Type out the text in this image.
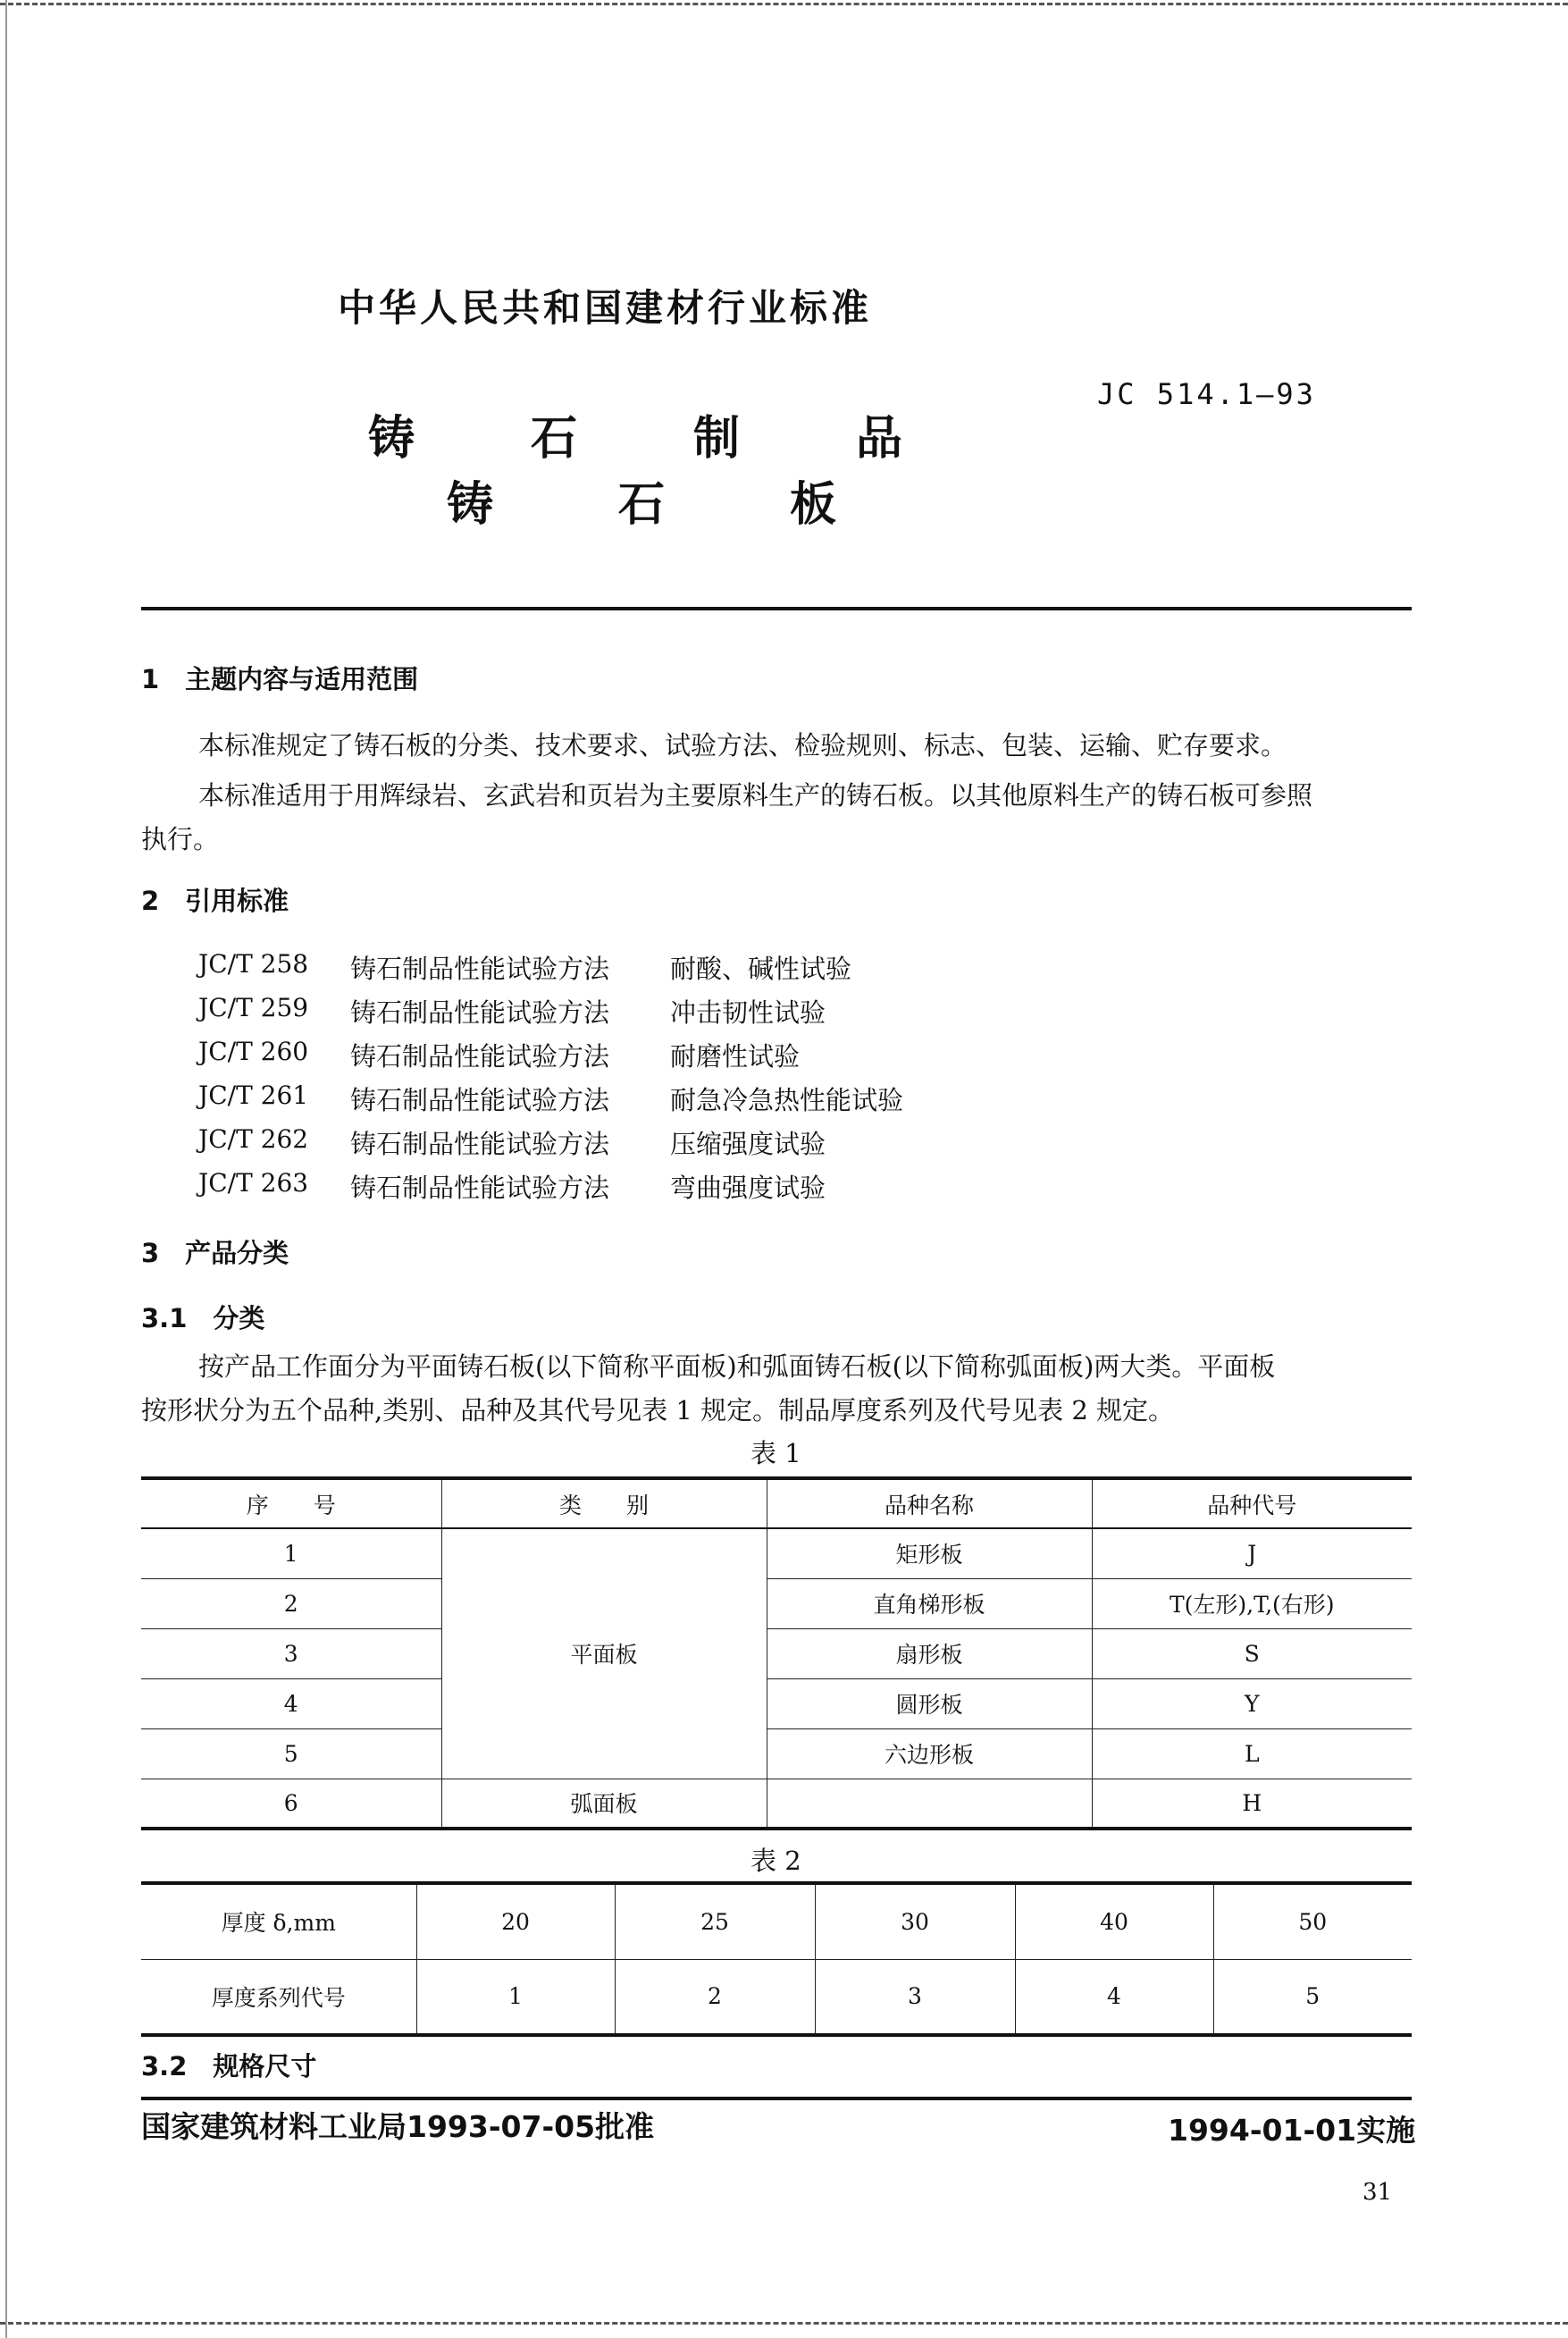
中华人民共和国建材行业标准
JC 514.1—93
铸石制品
铸石板
1　主题内容与适用范围
本标准规定了铸石板的分类、技术要求、试验方法、检验规则、标志、包装、运输、贮存要求。
本标准适用于用辉绿岩、玄武岩和页岩为主要原料生产的铸石板。以其他原料生产的铸石板可参照
执行。
2　引用标准
JC/T 258 铸石制品性能试验方法 耐酸、碱性试验
JC/T 259 铸石制品性能试验方法 冲击韧性试验
JC/T 260 铸石制品性能试验方法 耐磨性试验
JC/T 261 铸石制品性能试验方法 耐急冷急热性能试验
JC/T 262 铸石制品性能试验方法 压缩强度试验
JC/T 263 铸石制品性能试验方法 弯曲强度试验
3　产品分类
3.1　分类
按产品工作面分为平面铸石板(以下简称平面板)和弧面铸石板(以下简称弧面板)两大类。平面板
按形状分为五个品种,类别、品种及其代号见表 1 规定。制品厚度系列及代号见表 2 规定。
表 1
序　　号	类　　别	品种名称	品种代号
1	平面板	矩形板	J
2		直角梯形板	T(左形),T,(右形)
3		扇形板	S
4		圆形板	Y
5		六边形板	L
6	弧面板		H
表 2
厚度 δ,mm	20	25	30	40	50
厚度系列代号	1	2	3	4	5
3.2　规格尺寸
国家建筑材料工业局1993-07-05批准	1994-01-01实施
31
